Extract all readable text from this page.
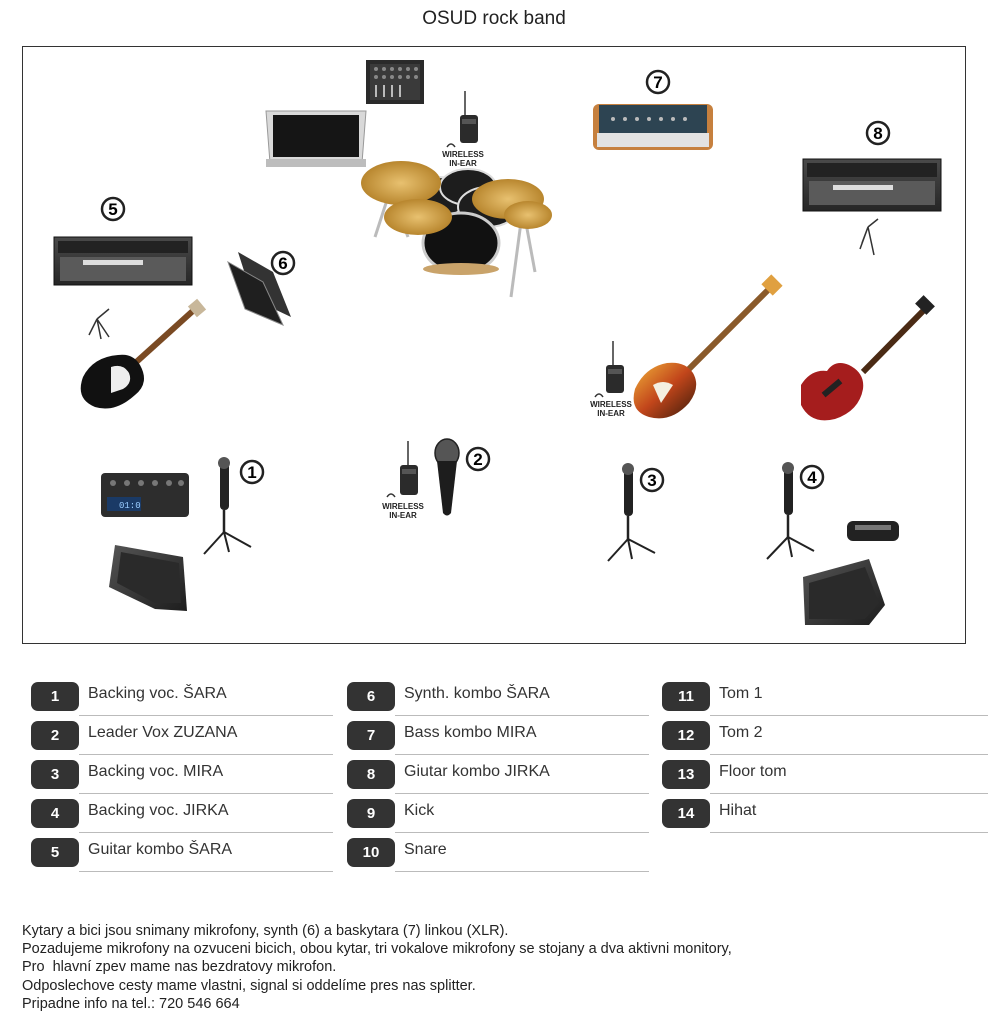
OSUD rock band
WIRELESS
IN-EAR
7
8
5
6
WIRELESS
IN-EAR
01:0
1
WIRELESS
IN-EAR
2
3	4
1	Backing voc. ŠARA
2	Leader Vox ZUZANA
3	Backing voc. MIRA
4	Backing voc. JIRKA
5	Guitar kombo ŠARA
6	Synth. kombo ŠARA
7	Bass kombo MIRA
8	Giutar kombo JIRKA
9	Kick
10	Snare
11	Tom 1
12	Tom 2
13	Floor tom
14	Hihat
Kytary a bici jsou snimany mikrofony, synth (6) a baskytara (7) linkou (XLR).
Pozadujeme mikrofony na ozvuceni bicich, obou kytar, tri vokalove mikrofony se stojany a dva aktivni monitory,
Pro  hlavní zpev mame nas bezdratovy mikrofon.
Odposlechove cesty mame vlastni, signal si oddelíme pres nas splitter.
Pripadne info na tel.: 720 546 664
